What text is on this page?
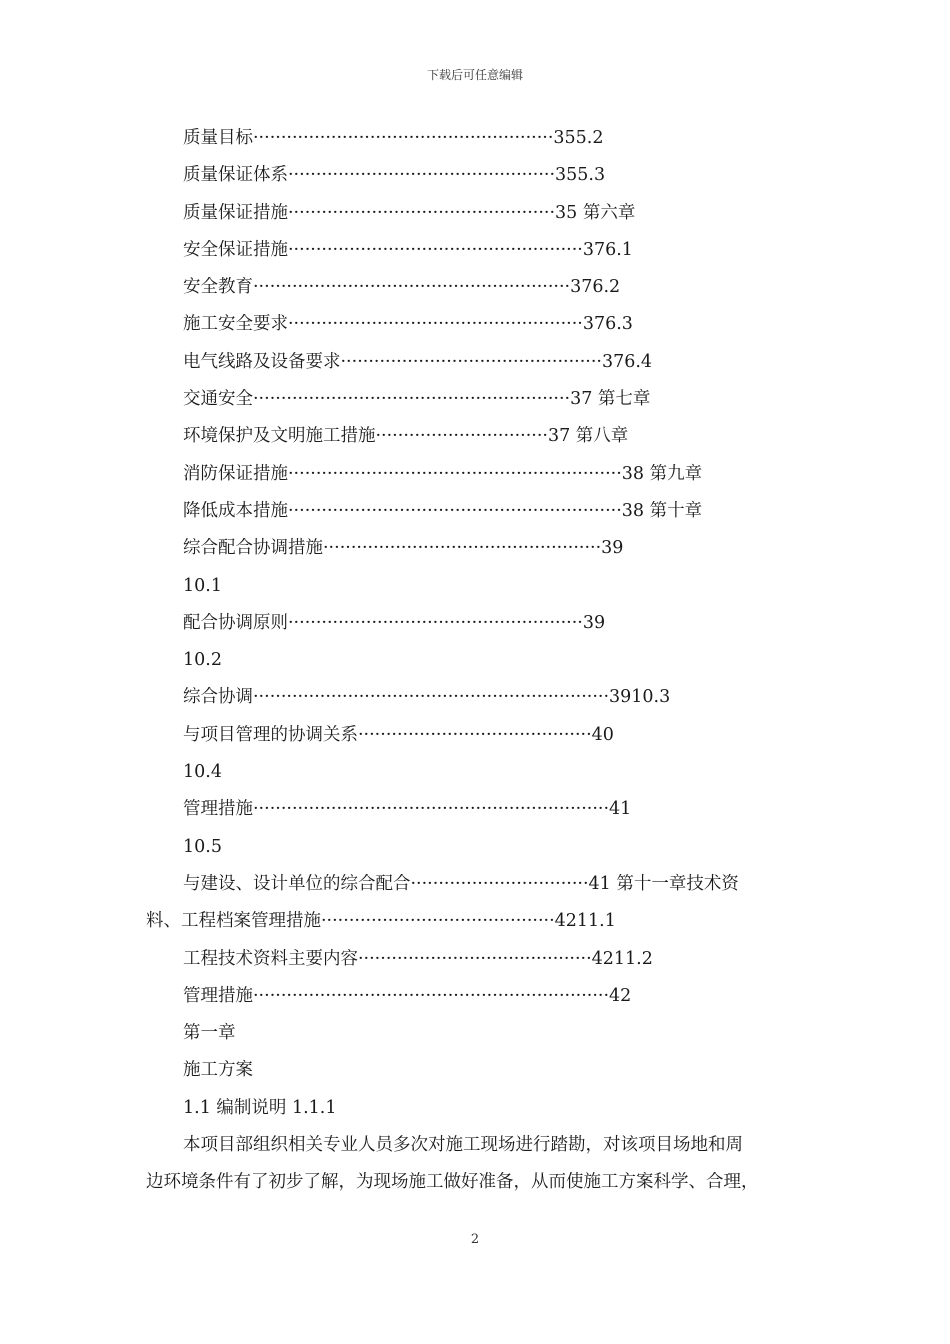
下载后可任意编辑
质量目标······················································355.2
质量保证体系················································355.3
质量保证措施················································35 第六章
安全保证措施·····················································376.1
安全教育·························································376.2
施工安全要求·····················································376.3
电气线路及设备要求···············································376.4
交通安全·························································37 第七章
环境保护及文明施工措施·······························37 第八章
消防保证措施····························································38 第九章
降低成本措施····························································38 第十章
综合配合协调措施··················································39
10.1
配合协调原则·····················································39
10.2
综合协调································································3910.3
与项目管理的协调关系··········································40
10.4
管理措施································································41
10.5
与建设、设计单位的综合配合································41 第十一章技术资
料、工程档案管理措施··········································4211.1
工程技术资料主要内容··········································4211.2
管理措施································································42
第一章
施工方案
1.1 编制说明 1.1.1
本项目部组织相关专业人员多次对施工现场进行踏勘，对该项目场地和周
边环境条件有了初步了解，为现场施工做好准备，从而使施工方案科学、合理，
2
